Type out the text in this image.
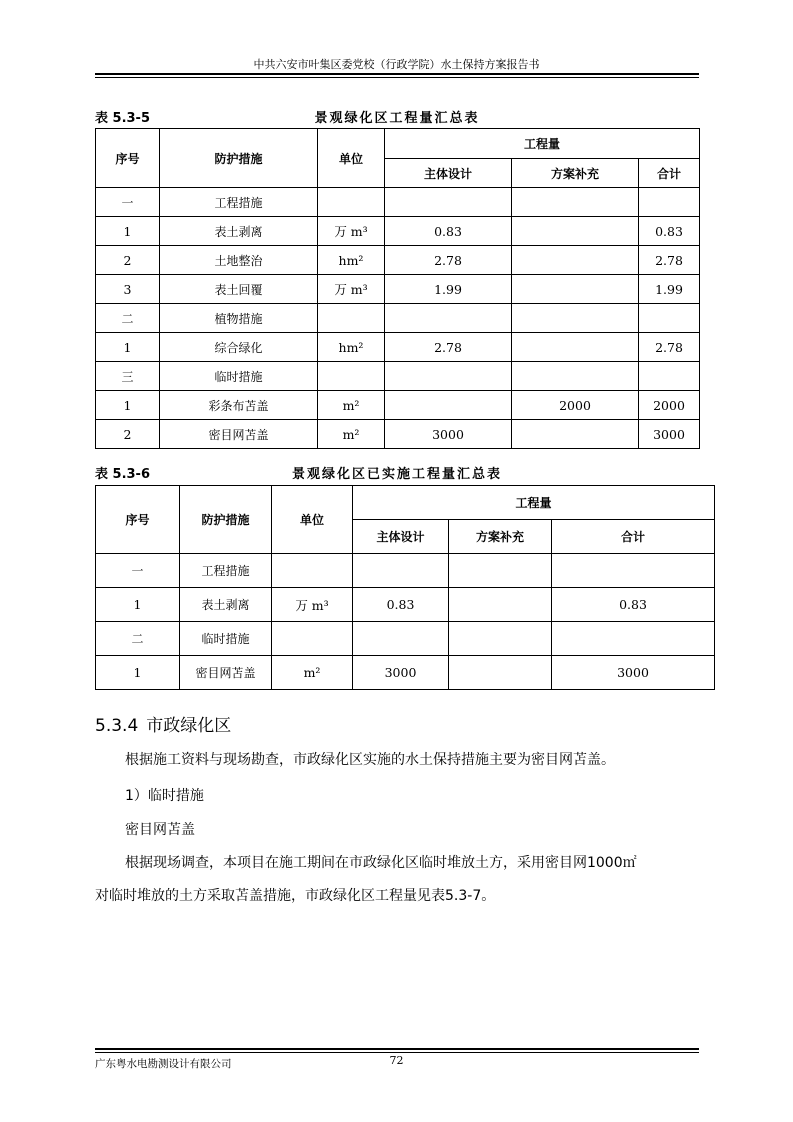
中共六安市叶集区委党校（行政学院）水土保持方案报告书
表 5.3-5	景观绿化区工程量汇总表
序号	防护措施	单位	工程量		
			主体设计	方案补充	合计
一	工程措施				
1	表土剥离	万 m³	0.83		0.83
2	土地整治	hm²	2.78		2.78
3	表土回覆	万 m³	1.99		1.99
二	植物措施				
1	综合绿化	hm²	2.78		2.78
三	临时措施				
1	彩条布苫盖	m²		2000	2000
2	密目网苫盖	m²	3000		3000
表 5.3-6	景观绿化区已实施工程量汇总表
序号	防护措施	单位	工程量		
			主体设计	方案补充	合计
一	工程措施				
1	表土剥离	万 m³	0.83		0.83
二	临时措施				
1	密目网苫盖	m²	3000		3000
5.3.4 市政绿化区
根据施工资料与现场勘查，市政绿化区实施的水土保持措施主要为密目网苫盖。
1）临时措施
密目网苫盖
根据现场调查，本项目在施工期间在市政绿化区临时堆放土方，采用密目网1000㎡
对临时堆放的土方采取苫盖措施，市政绿化区工程量见表5.3-7。
广东粤水电勘测设计有限公司	72
